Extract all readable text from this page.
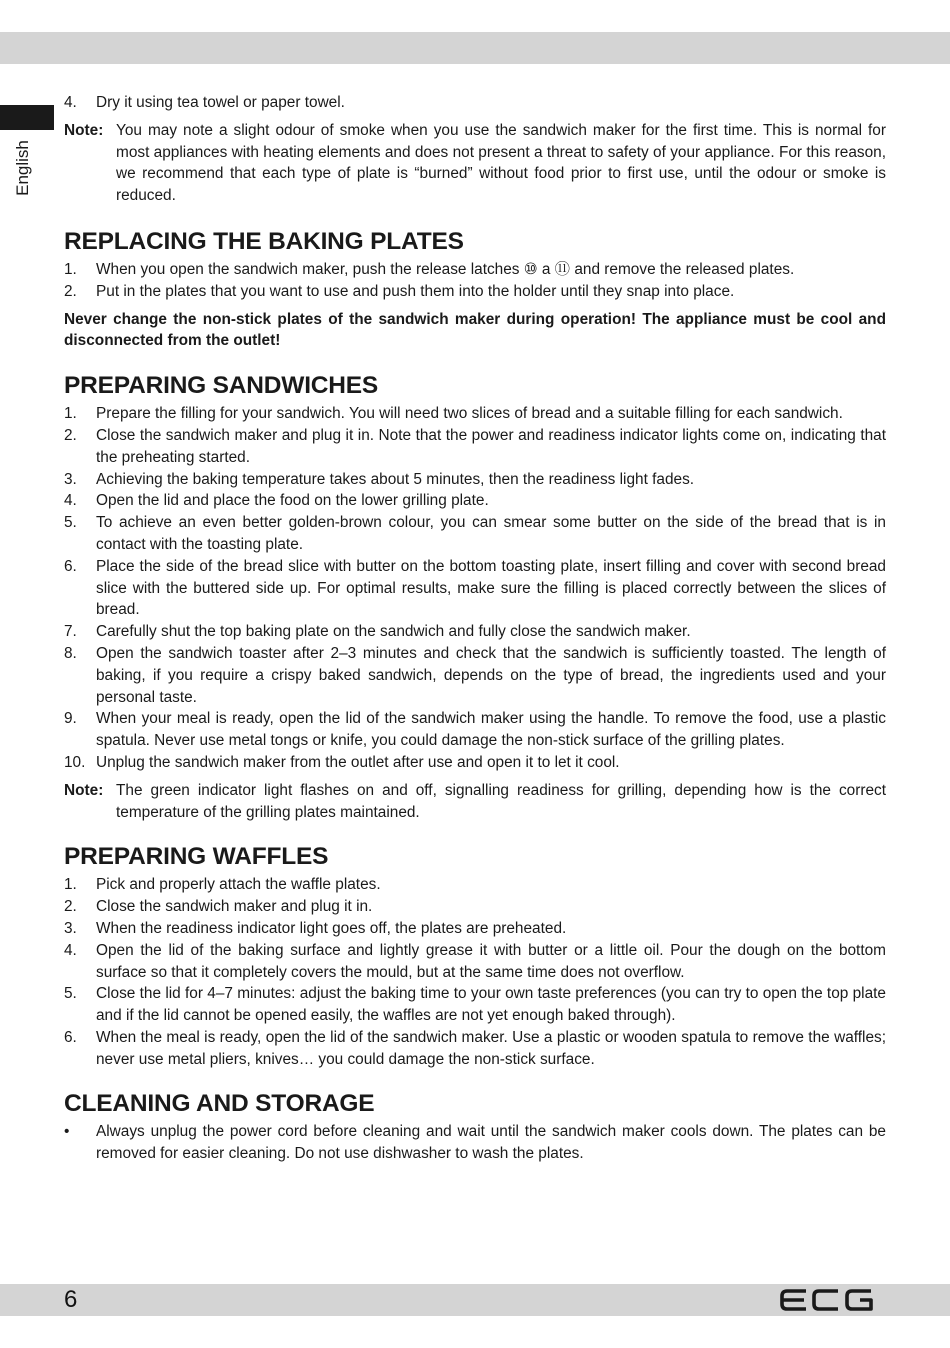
English
4. Dry it using tea towel or paper towel.
Note: You may note a slight odour of smoke when you use the sandwich maker for the first time. This is normal for most appliances with heating elements and does not present a threat to safety of your appliance. For this reason, we recommend that each type of plate is “burned” without food prior to first use, until the odour or smoke is reduced.
REPLACING THE BAKING PLATES
1. When you open the sandwich maker, push the release latches ⑩ a ⑪ and remove the released plates.
2. Put in the plates that you want to use and push them into the holder until they snap into place.
Never change the non-stick plates of the sandwich maker during operation! The appliance must be cool and disconnected from the outlet!
PREPARING SANDWICHES
1. Prepare the filling for your sandwich. You will need two slices of bread and a suitable filling for each sandwich.
2. Close the sandwich maker and plug it in. Note that the power and readiness indicator lights come on, indicating that the preheating started.
3. Achieving the baking temperature takes about 5 minutes, then the readiness light fades.
4. Open the lid and place the food on the lower grilling plate.
5. To achieve an even better golden-brown colour, you can smear some butter on the side of the bread that is in contact with the toasting plate.
6. Place the side of the bread slice with butter on the bottom toasting plate, insert filling and cover with second bread slice with the buttered side up. For optimal results, make sure the filling is placed correctly between the slices of bread.
7. Carefully shut the top baking plate on the sandwich and fully close the sandwich maker.
8. Open the sandwich toaster after 2–3 minutes and check that the sandwich is sufficiently toasted. The length of baking, if you require a crispy baked sandwich, depends on the type of bread, the ingredients used and your personal taste.
9. When your meal is ready, open the lid of the sandwich maker using the handle. To remove the food, use a plastic spatula. Never use metal tongs or knife, you could damage the non-stick surface of the grilling plates.
10. Unplug the sandwich maker from the outlet after use and open it to let it cool.
Note: The green indicator light flashes on and off, signalling readiness for grilling, depending how is the correct temperature of the grilling plates maintained.
PREPARING WAFFLES
1. Pick and properly attach the waffle plates.
2. Close the sandwich maker and plug it in.
3. When the readiness indicator light goes off, the plates are preheated.
4. Open the lid of the baking surface and lightly grease it with butter or a little oil. Pour the dough on the bottom surface so that it completely covers the mould, but at the same time does not overflow.
5. Close the lid for 4–7 minutes: adjust the baking time to your own taste preferences (you can try to open the top plate and if the lid cannot be opened easily, the waffles are not yet enough baked through).
6. When the meal is ready, open the lid of the sandwich maker. Use a plastic or wooden spatula to remove the waffles; never use metal pliers, knives… you could damage the non-stick surface.
CLEANING AND STORAGE
• Always unplug the power cord before cleaning and wait until the sandwich maker cools down. The plates can be removed for easier cleaning. Do not use dishwasher to wash the plates.
6
